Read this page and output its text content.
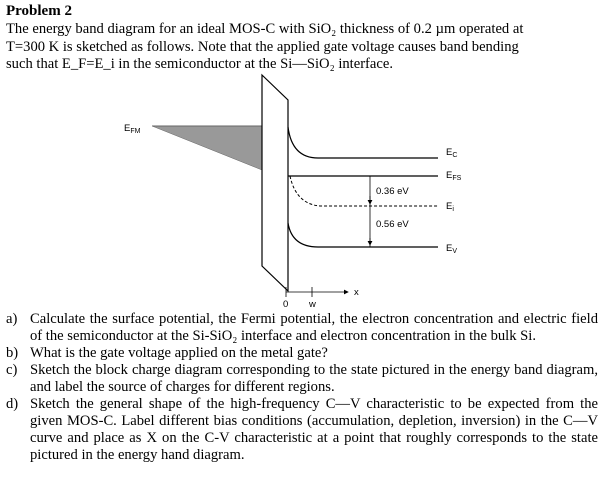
Problem 2
The energy band diagram for an ideal MOS-C with SiO₂ thickness of 0.2 µm operated at
T=300 K is sketched as follows. Note that the applied gate voltage causes band bending
such that E_F=E_i in the semiconductor at the Si—SiO₂ interface.
$E_{FM}$
$E_C$
$E_{FS}$
$E_i$
$E_V$
0.36 eV
0.56 eV
0 w
x
a) Calculate the surface potential, the Fermi potential, the electron concentration and electric field of the semiconductor at the Si-SiO₂ interface and electron concentration in the bulk Si.
b) What is the gate voltage applied on the metal gate?
c) Sketch the block charge diagram corresponding to the state pictured in the energy band diagram, and label the source of charges for different regions.
d) Sketch the general shape of the high-frequency C—V characteristic to be expected from the given MOS-C. Label different bias conditions (accumulation, depletion, inversion) in the C—V curve and place as X on the C-V characteristic at a point that roughly corresponds to the state pictured in the energy hand diagram.
